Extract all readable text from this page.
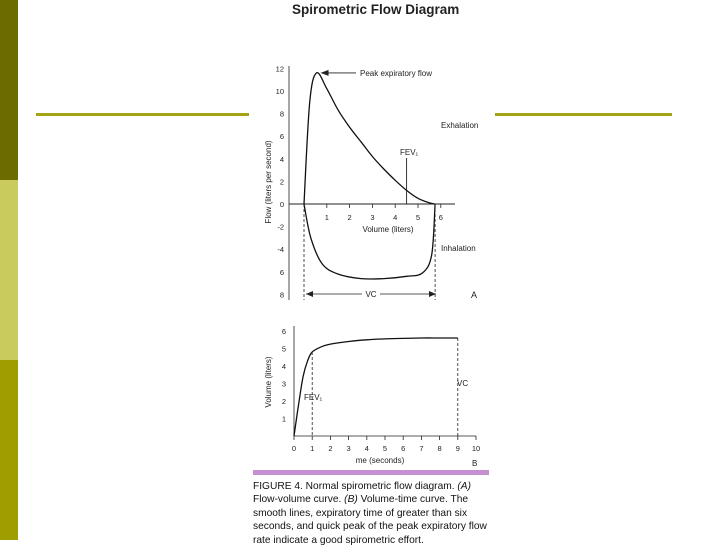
Spirometric Flow Diagram
Flow (liters per second)
12
10
8
6
4
2
0
-2
-4
6
8
1 2 3 4 5 6
Volume (liters)
Peak expiratory flow
Exhalation
Inhalation
FEV₁
VC	A
Volume (liters)
6
5
4
3
2
1
0 1 2 3 4 5 6 7 8 9 10
me (seconds)
FEV₁
VC
B
FIGURE 4. Normal spirometric flow diagram. (A) Flow-volume curve. (B) Volume-time curve. The smooth lines, expiratory time of greater than six seconds, and quick peak of the peak expiratory flow rate indicate a good spirometric effort.
